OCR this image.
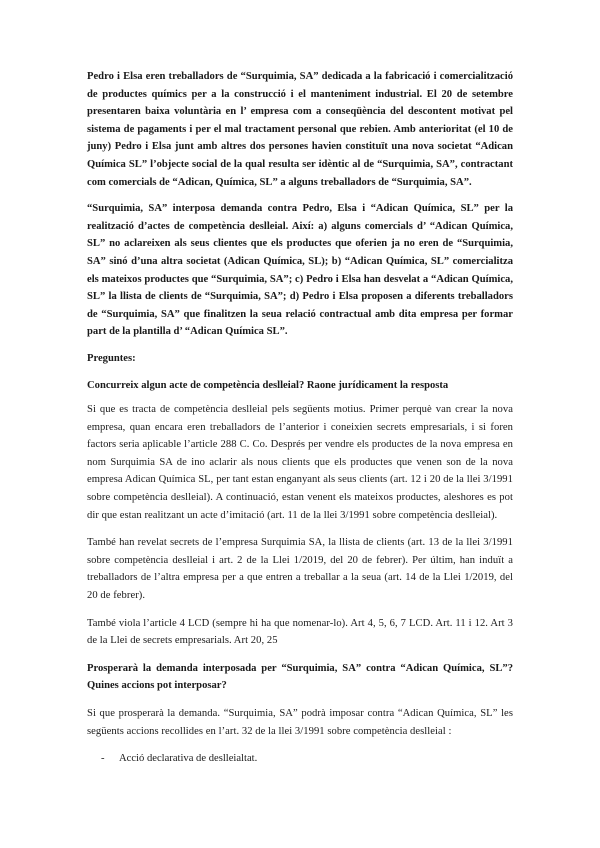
Pedro i Elsa eren treballadors de “Surquimia, SA” dedicada a la fabricació i comercialització de productes químics per a la construcció i el manteniment industrial. El 20 de setembre presentaren baixa voluntària en l’ empresa com a conseqüència del descontent motivat pel sistema de pagaments i per el mal tractament personal que rebien. Amb anterioritat (el 10 de juny) Pedro i Elsa junt amb altres dos persones havien constituït una nova societat “Adican Química SL” l’objecte social de la qual resulta ser idèntic al de “Surquimia, SA”, contractant com comercials de “Adican, Química, SL” a alguns treballadors de “Surquimia, SA”.

“Surquimia, SA” interposa demanda contra Pedro, Elsa i “Adican Química, SL” per la realització d’actes de competència deslleial. Així: a) alguns comercials d’ “Adican Química, SL” no aclareixen als seus clientes que els productes que oferien ja no eren de “Surquimia, SA” sinó d’una altra societat (Adican Química, SL); b) “Adican Química, SL” comercialitza els mateixos productes que “Surquimia, SA”; c) Pedro i Elsa han desvelat a “Adican Química, SL” la llista de clients de “Surquimia, SA”; d) Pedro i Elsa proposen a diferents treballadors de “Surquimia, SA” que finalitzen la seua relació contractual amb dita empresa per formar part de la plantilla d’ “Adican Química SL”.

Preguntes:

Concurreix algun acte de competència deslleial? Raone jurídicament la resposta

Si que es tracta de competència deslleial pels següents motius. Primer perquè van crear la nova empresa, quan encara eren treballadors de l’anterior i coneixien secrets empresarials, i si foren factors seria aplicable l’article 288 C. Co. Després per vendre els productes de la nova empresa en nom Surquimia SA de ino aclarir als nous clients que els productes que venen son de la nova empresa Adican Química SL, per tant estan enganyant als seus clients (art. 12 i 20 de la llei 3/1991 sobre competència deslleial). A continuació, estan venent els mateixos productes, aleshores es pot dir que estan realitzant un acte d’imitació (art. 11 de la llei 3/1991 sobre competència deslleial).

També han revelat secrets de l’empresa Surquimia SA, la llista de clients (art. 13 de la llei 3/1991 sobre competència deslleial i art. 2 de la Llei 1/2019, del 20 de febrer). Per últim, han induït a treballadors de l’altra empresa per a que entren a treballar a la seua (art. 14 de la Llei 1/2019, del 20 de febrer).

També viola l’article 4 LCD (sempre hi ha que nomenar-lo). Art 4, 5, 6, 7 LCD. Art. 11 i 12. Art 3 de la Llei de secrets empresarials. Art 20, 25

Prosperarà la demanda interposada per “Surquimia, SA” contra “Adican Química, SL”? Quines accions pot interposar?

Si que prosperarà la demanda. “Surquimia, SA” podrà imposar contra “Adican Química, SL” les següents accions recollides en l’art. 32 de la llei 3/1991 sobre competència deslleial :

- Acció declarativa de deslleialtat.
